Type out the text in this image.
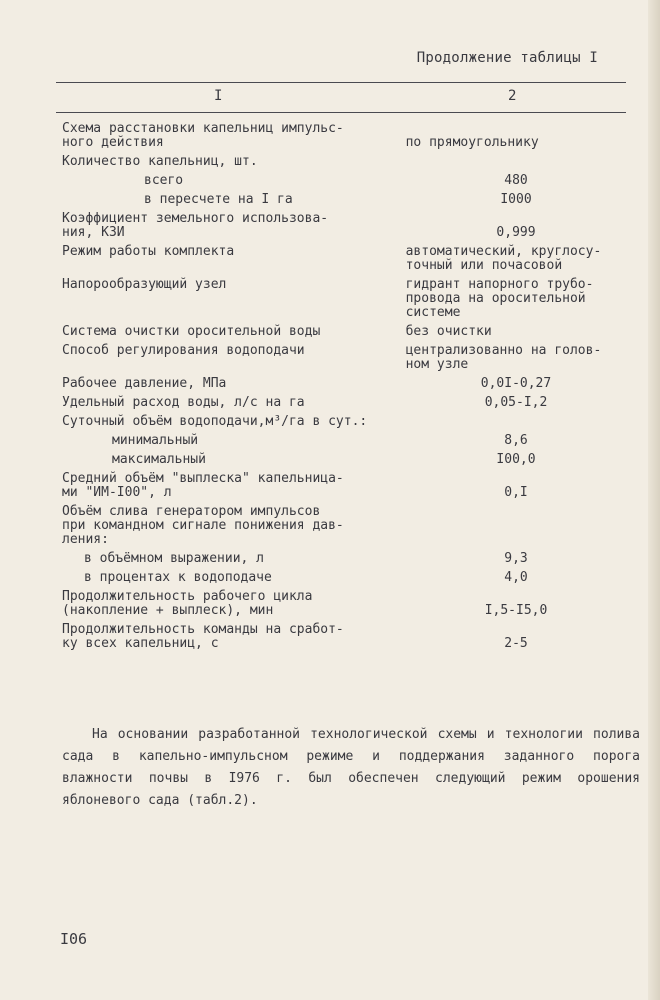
Продолжение таблицы I
I	2
Схема расстановки капельниц импульс-
ного действия	по прямоугольнику
Количество капельниц, шт.
всего	480
в пересчете на I га	I000
Коэффициент земельного использова-
ния, КЗИ	0,999
Режим работы комплекта	автоматический, круглосу-
точный или почасовой
Напорообразующий узел	гидрант напорного трубо-
провода на оросительной
системе
Система очистки оросительной воды	без очистки
Способ регулирования водоподачи	централизованно на голов-
ном узле
Рабочее давление, МПа	0,0I-0,27
Удельный расход воды, л/с на га	0,05-I,2
Суточный объём водоподачи,м³/га в сут.:
минимальный	8,6
максимальный	I00,0
Средний объём "выплеска" капельница-
ми "ИМ-I00", л	0,I
Объём слива генератором импульсов
при командном сигнале понижения дав-
ления:
в объёмном выражении, л	9,3
в процентах к водоподаче	4,0
Продолжительность рабочего цикла
(накопление + выплеск), мин	I,5-I5,0
Продолжительность команды на сработ-
ку всех капельниц, с	2-5
На основании разработанной технологической схемы и технологии полива сада в капельно-импульсном режиме и поддержания заданного порога влажности почвы в I976 г. был обеспечен следующий режим орошения яблоневого сада (табл.2).
I06
